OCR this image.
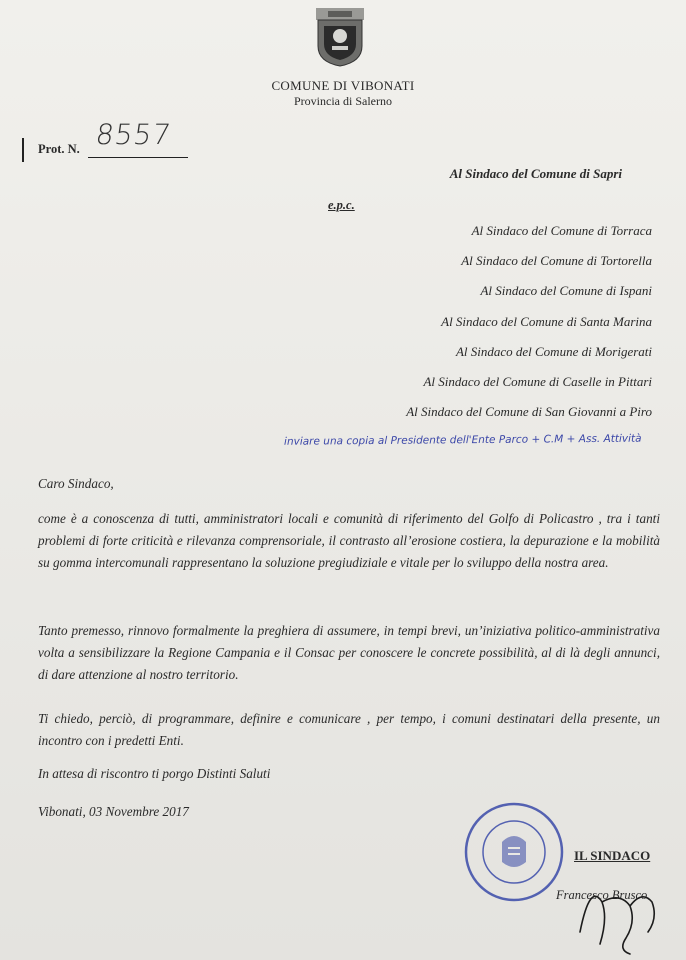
COMUNE DI VIBONATI
Provincia di Salerno
Prot. N. 8557
Al Sindaco del Comune di Sapri
e.p.c.
Al Sindaco del Comune di Torraca
Al Sindaco del Comune di Tortorella
Al Sindaco del Comune di Ispani
Al Sindaco del Comune di Santa Marina
Al Sindaco del Comune di Morigerati
Al Sindaco del Comune di Caselle in Pittari
Al Sindaco del Comune di San Giovanni a Piro
inviare una copia al Presidente dell'Ente Parco + C.M + Ass. Attività
Caro Sindaco,
come è a conoscenza di tutti, amministratori locali e comunità di riferimento del Golfo di Policastro , tra i tanti problemi di forte criticità e rilevanza comprensoriale, il contrasto all’erosione costiera, la depurazione e la mobilità su gomma intercomunali rappresentano la soluzione pregiudiziale e vitale per lo sviluppo della nostra area.
Tanto premesso, rinnovo formalmente la preghiera di assumere, in tempi brevi, un’iniziativa politico-amministrativa volta a sensibilizzare la Regione Campania e il Consac per conoscere le concrete possibilità, al di là degli annunci, di dare attenzione al nostro territorio.
Ti chiedo, perciò, di programmare, definire e comunicare , per tempo, i comuni destinatari della presente, un incontro con i predetti Enti.
In attesa di riscontro ti porgo Distinti Saluti
Vibonati, 03 Novembre 2017
IL SINDACO
Francesco Brusco
